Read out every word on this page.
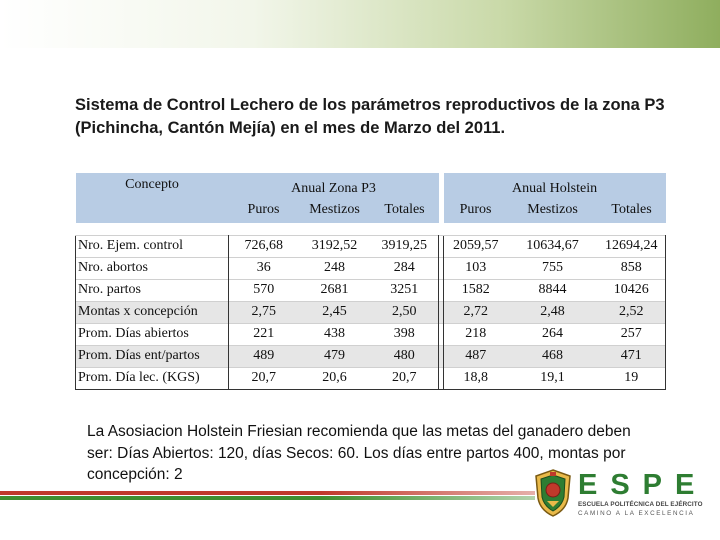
Sistema de Control Lechero de los parámetros reproductivos de la zona P3 (Pichincha, Cantón Mejía) en el mes de Marzo del 2011.
Concepto	Anual Zona P3				Anual Holstein		
	Puros	Mestizos	Totales		Puros	Mestizos	Totales

Nro. Ejem. control	726,68	3192,52	3919,25		2059,57	10634,67	12694,24
Nro. abortos	36	248	284		103	755	858
Nro. partos	570	2681	3251		1582	8844	10426
Montas x concepción	2,75	2,45	2,50		2,72	2,48	2,52
Prom. Días abiertos	221	438	398		218	264	257
Prom. Días ent/partos	489	479	480		487	468	471
Prom. Día lec. (KGS)	20,7	20,6	20,7		18,8	19,1	19
La Asosiacion Holstein Friesian recomienda que las metas del ganadero deben ser: Días Abiertos: 120, días Secos: 60. Los días entre partos 400, montas por concepción: 2	ESPE
ESCUELA POLITÉCNICA DEL EJÉRCITO
CAMINO A LA EXCELENCIA
